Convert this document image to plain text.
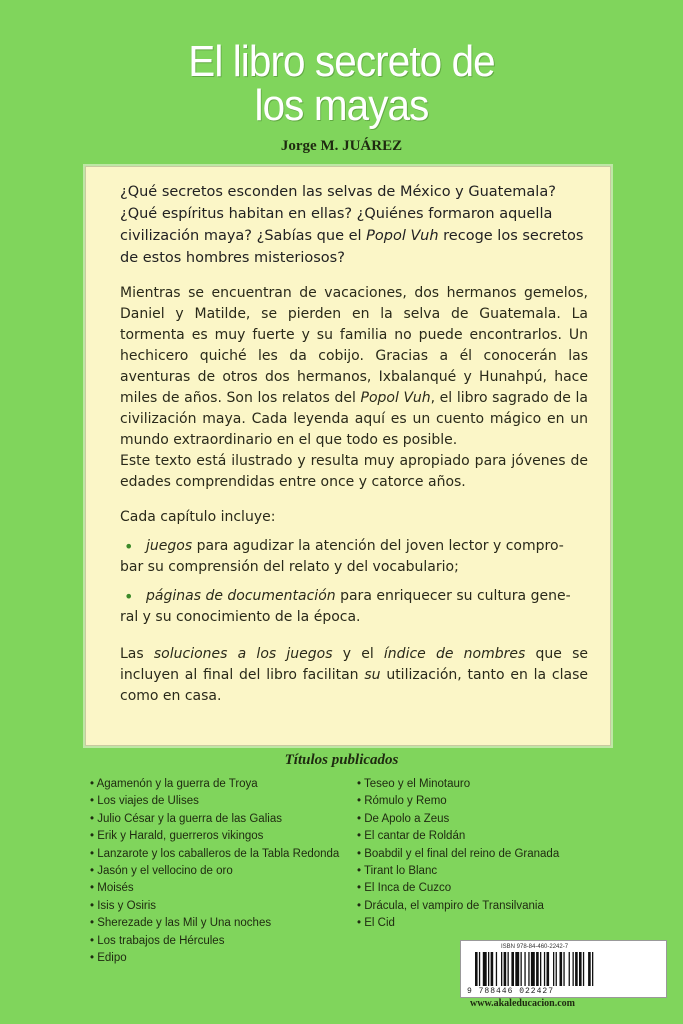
El libro secreto de
los mayas
Jorge M. JUÁREZ

¿Qué secretos esconden las selvas de México y Guatemala? ¿Qué espíritus habitan en ellas? ¿Quiénes formaron aquella civilización maya? ¿Sabías que el Popol Vuh recoge los secretos de estos hombres misteriosos?

Mientras se encuentran de vacaciones, dos hermanos gemelos, Daniel y Matilde, se pierden en la selva de Guatemala. La tormenta es muy fuerte y su familia no puede encontrarlos. Un hechicero quiché les da cobijo. Gracias a él conocerán las aventuras de otros dos hermanos, Ixbalanqué y Hunahpú, hace miles de años. Son los relatos del Popol Vuh, el libro sagrado de la civilización maya. Cada leyenda aquí es un cuento mágico en un mundo extraordinario en el que todo es posible.

Este texto está ilustrado y resulta muy apropiado para jóvenes de edades comprendidas entre once y catorce años.

Cada capítulo incluye:

• juegos para agudizar la atención del joven lector y compro-
bar su comprensión del relato y del vocabulario;
• páginas de documentación para enriquecer su cultura gene-
ral y su conocimiento de la época.

Las soluciones a los juegos y el índice de nombres que se incluyen al final del libro facilitan su utilización, tanto en la clase como en casa.

Títulos publicados
• Agamenón y la guerra de Troya
• Los viajes de Ulises
• Julio César y la guerra de las Galias
• Erik y Harald, guerreros vikingos
• Lanzarote y los caballeros de la Tabla Redonda
• Jasón y el vellocino de oro
• Moisés
• Isis y Osiris
• Sherezade y las Mil y Una noches
• Los trabajos de Hércules
• Edipo
• Teseo y el Minotauro
• Rómulo y Remo
• De Apolo a Zeus
• El cantar de Roldán
• Boabdil y el final del reino de Granada
• Tirant lo Blanc
• El Inca de Cuzco
• Drácula, el vampiro de Transilvania
• El Cid
ISBN 978-84-460-2242-7
9 788446 022427
www.akaleducacion.com
